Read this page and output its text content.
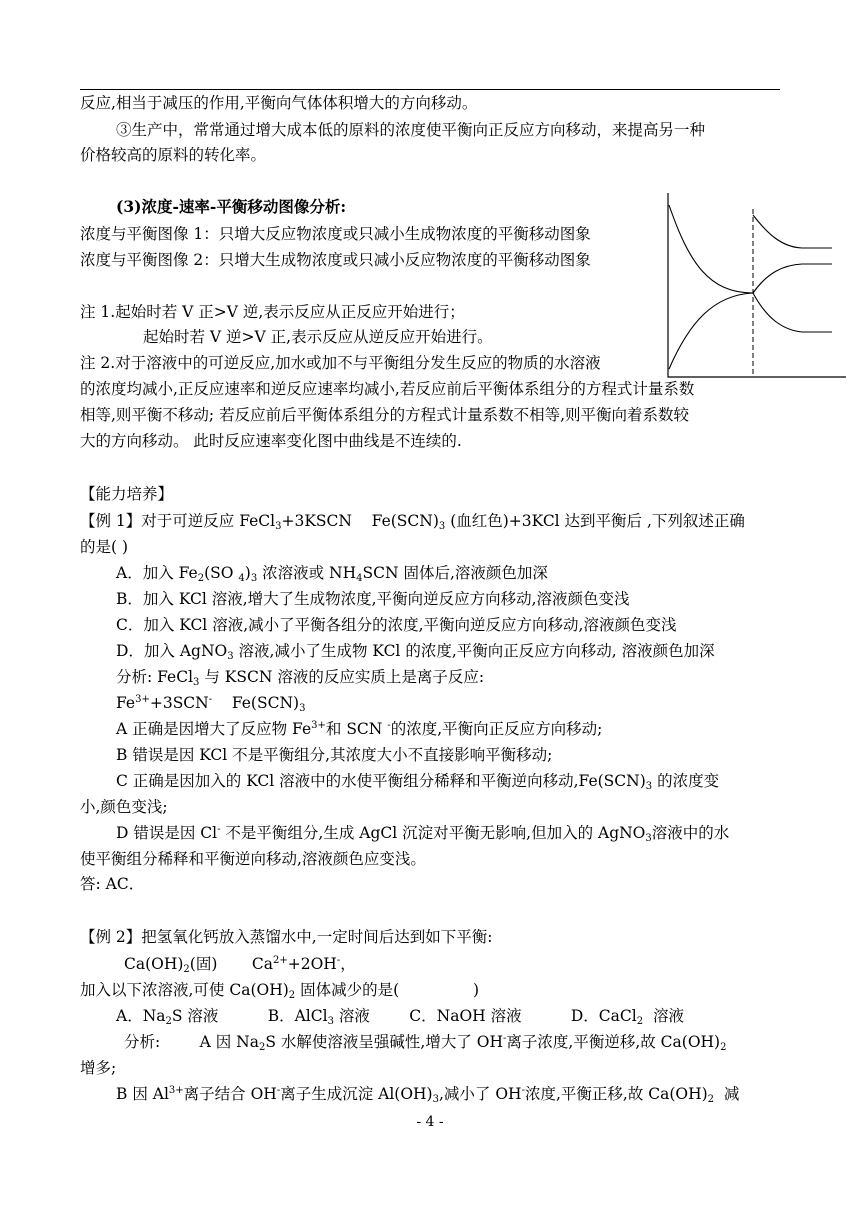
反应,相当于减压的作用,平衡向气体体积增大的方向移动。
③生产中，常常通过增大成本低的原料的浓度使平衡向正反应方向移动，来提高另一种
价格较高的原料的转化率。
(3)浓度-速率-平衡移动图像分析:
浓度与平衡图像 1：只增大反应物浓度或只减小生成物浓度的平衡移动图象
浓度与平衡图像 2：只增大生成物浓度或只减小反应物浓度的平衡移动图象
注 1.起始时若 V 正>V 逆,表示反应从正反应开始进行；
起始时若 V 逆>V 正,表示反应从逆反应开始进行。
注 2.对于溶液中的可逆反应,加水或加不与平衡组分发生反应的物质的水溶液
的浓度均减小,正反应速率和逆反应速率均减小,若反应前后平衡体系组分的方程式计量系数
相等,则平衡不移动; 若反应前后平衡体系组分的方程式计量系数不相等,则平衡向着系数较
大的方向移动。 此时反应速率变化图中曲线是不连续的.
【能力培养】
【例 1】对于可逆反应 FeCl$_3$+3KSCN    $Fe(SCN)_3$ (血红色)+3KCl 达到平衡后 ,下列叙述正确
的是( )
A．加入 $Fe_2(SO$ $_4)_3$ 浓溶液或 $NH_4SCN$ 固体后,溶液颜色加深
B．加入 KCl 溶液,增大了生成物浓度,平衡向逆反应方向移动,溶液颜色变浅
C．加入 KCl 溶液,减小了平衡各组分的浓度,平衡向逆反应方向移动,溶液颜色变浅
D．加入 AgNO$_3$ 溶液,减小了生成物 KCl 的浓度,平衡向正反应方向移动, 溶液颜色加深
分析: FeCl$_3$ 与 KSCN 溶液的反应实质上是离子反应:
$Fe^{3+}+3SCN^-$    $Fe(SCN)_3$
A 正确是因增大了反应物 $Fe^{3+}$和 SCN -的浓度,平衡向正反应方向移动;
B 错误是因 KCl 不是平衡组分,其浓度大小不直接影响平衡移动;
C 正确是因加入的 KCl 溶液中的水使平衡组分稀释和平衡逆向移动$,Fe(SCN)_3$ 的浓度变
小,颜色变浅;
D 错误是因 Cl- 不是平衡组分,生成 AgCl 沉淀对平衡无影响,但加入的 AgNO$_3$溶液中的水
使平衡组分稀释和平衡逆向移动,溶液颜色应变浅。
答: AC．
【例 2】把氢氧化钙放入蒸馏水中,一定时间后达到如下平衡:
$Ca(OH)_2$(固)       $Ca^{2+}+2OH^-$，
加入以下浓溶液,可使 $Ca(OH)_2$ 固体减少的是(               )
A．$Na_2S$ 溶液          B．AlCl$_3$ 溶液        C．NaOH 溶液          D．CaCl$_2$  溶液
分析:        A 因 $Na_2S$ 水解使溶液呈强碱性,增大了 OH-离子浓度,平衡逆移,故 $Ca(OH)_2$
增多;
B 因 $Al^{3+}$离子结合 OH-离子生成沉淀 $Al(OH)_3$,减小了 OH-浓度,平衡正移,故 $Ca(OH)_2$  减
- 4 -
